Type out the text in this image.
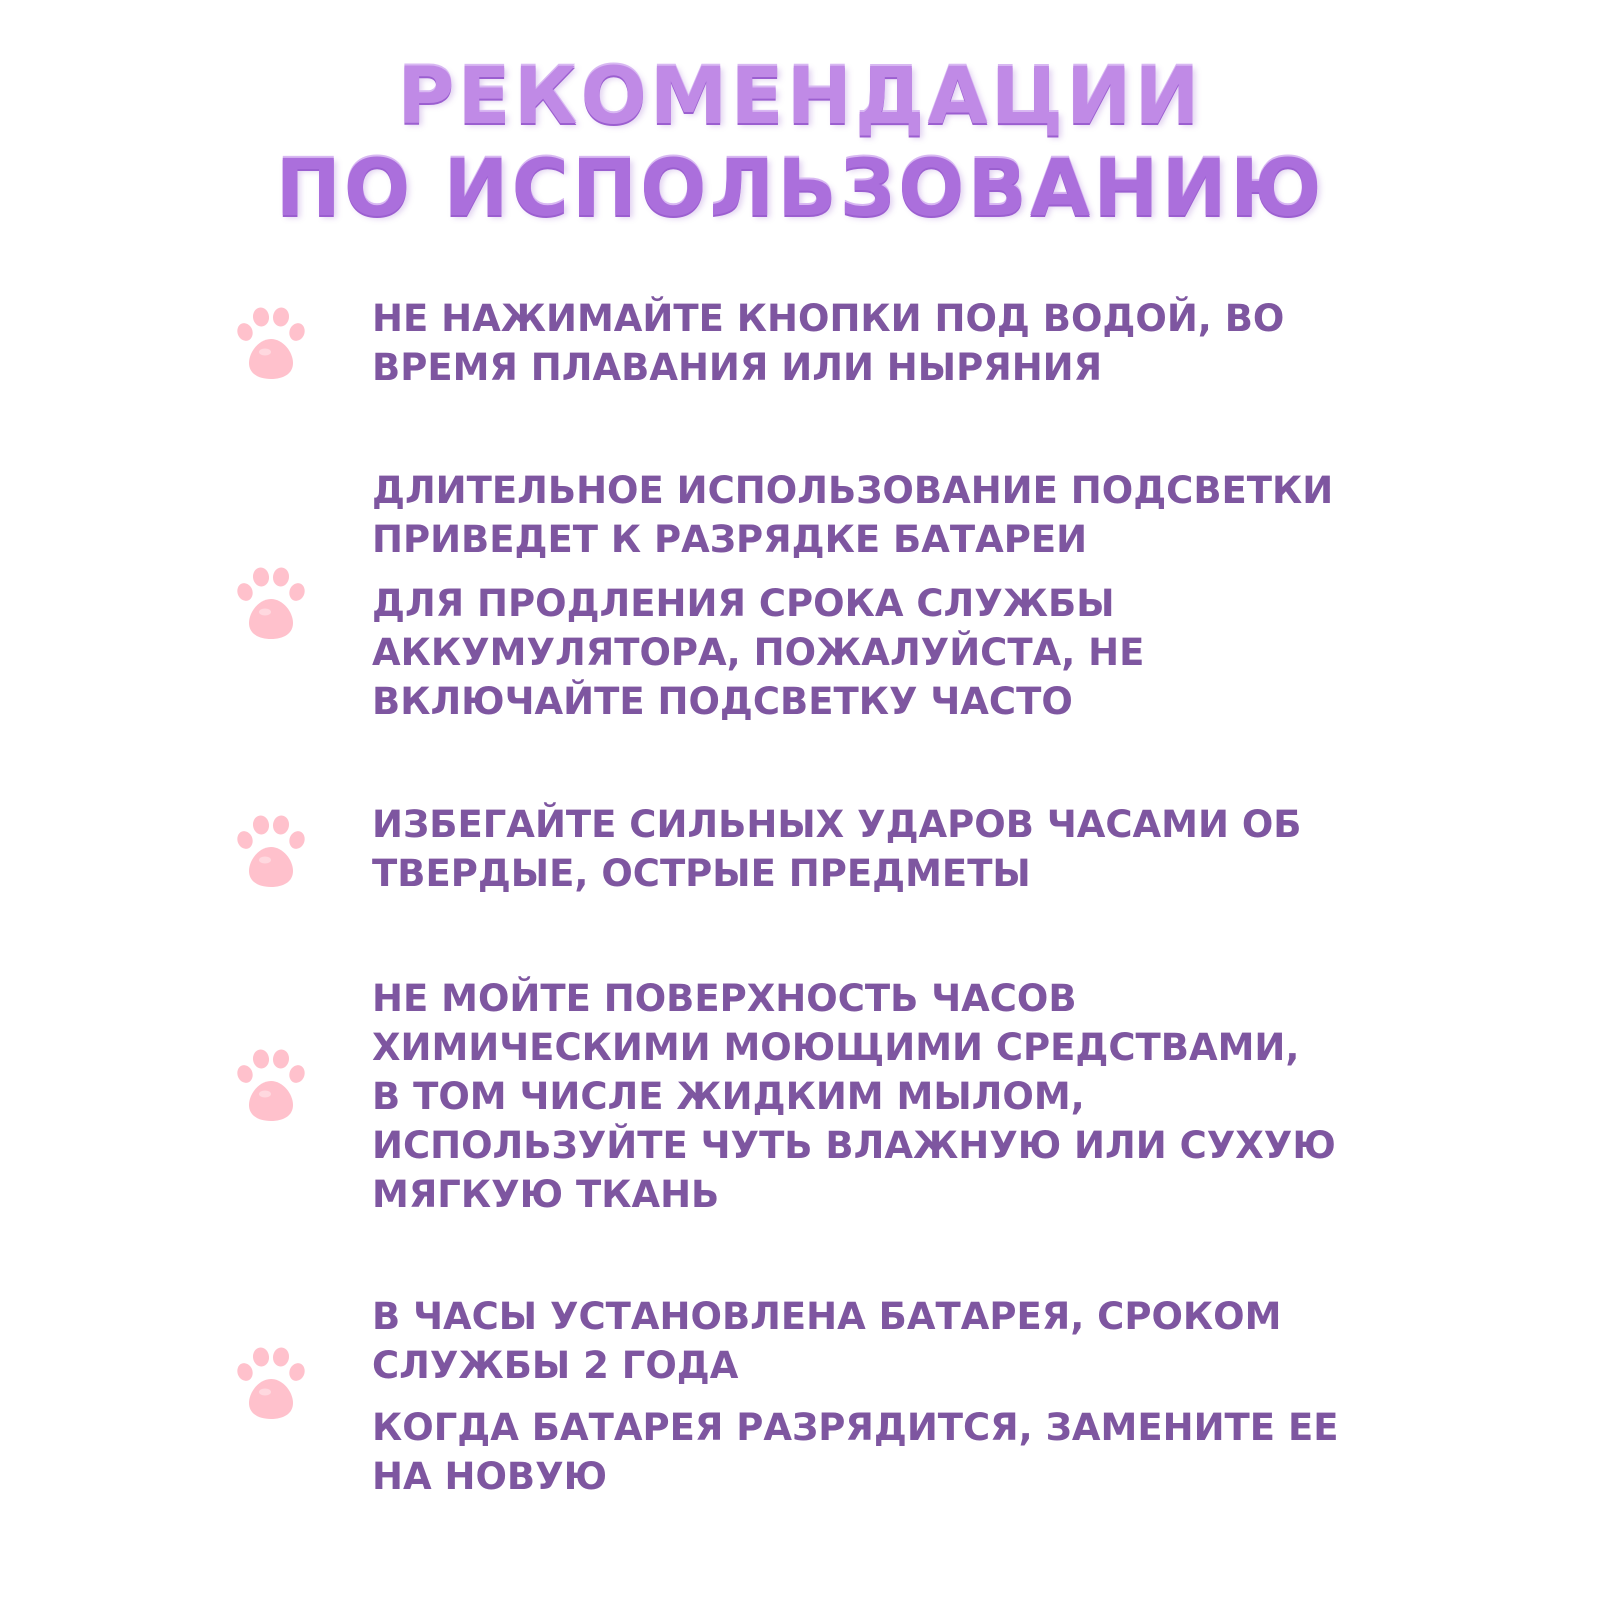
РЕКОМЕНДАЦИИ
ПО ИСПОЛЬЗОВАНИЮ
НЕ НАЖИМАЙТЕ КНОПКИ ПОД ВОДОЙ, ВО
ВРЕМЯ ПЛАВАНИЯ ИЛИ НЫРЯНИЯ
ДЛИТЕЛЬНОЕ ИСПОЛЬЗОВАНИЕ ПОДСВЕТКИ
ПРИВЕДЕТ К РАЗРЯДКЕ БАТАРЕИ
ДЛЯ ПРОДЛЕНИЯ СРОКА СЛУЖБЫ
АККУМУЛЯТОРА, ПОЖАЛУЙСТА, НЕ
ВКЛЮЧАЙТЕ ПОДСВЕТКУ ЧАСТО
ИЗБЕГАЙТЕ СИЛЬНЫХ УДАРОВ ЧАСАМИ ОБ
ТВЕРДЫЕ, ОСТРЫЕ ПРЕДМЕТЫ
НЕ МОЙТЕ ПОВЕРХНОСТЬ ЧАСОВ
ХИМИЧЕСКИМИ МОЮЩИМИ СРЕДСТВАМИ,
В ТОМ ЧИСЛЕ ЖИДКИМ МЫЛОМ,
ИСПОЛЬЗУЙТЕ ЧУТЬ ВЛАЖНУЮ ИЛИ СУХУЮ
МЯГКУЮ ТКАНЬ
В ЧАСЫ УСТАНОВЛЕНА БАТАРЕЯ, СРОКОМ
СЛУЖБЫ 2 ГОДА
КОГДА БАТАРЕЯ РАЗРЯДИТСЯ, ЗАМЕНИТЕ ЕЕ
НА НОВУЮ
